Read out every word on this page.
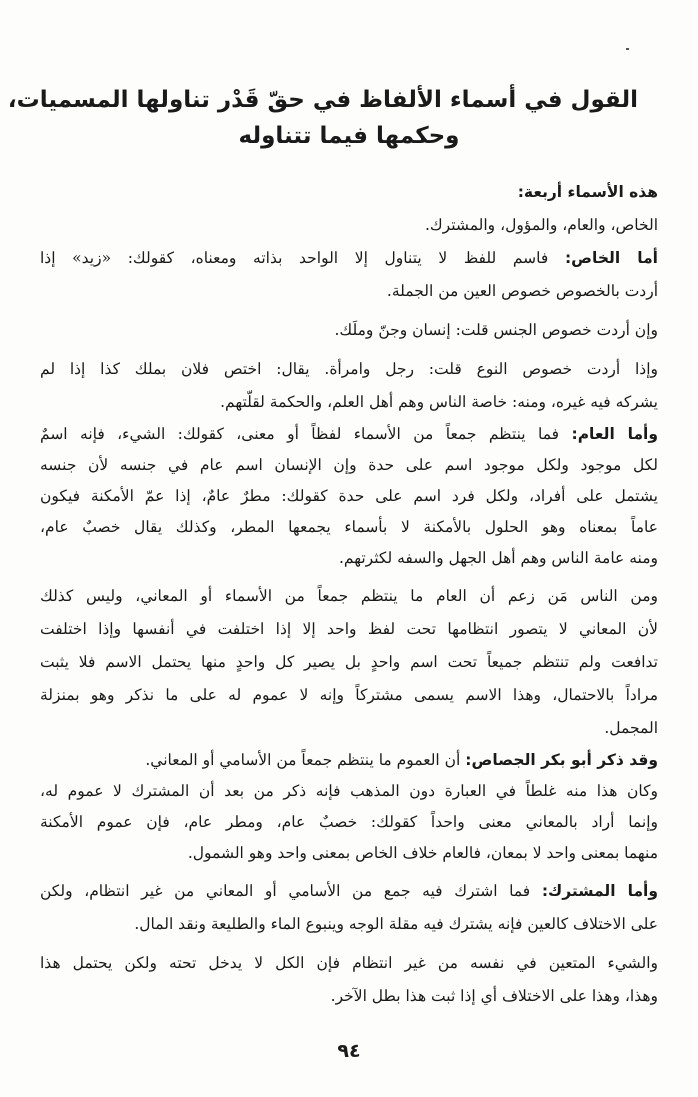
القول في أسماء الألفاظ في حقّ قَدْر تناولها المسميات،
وحكمها فيما تتناوله
هذه الأسماء أربعة:
الخاص، والعام، والمؤول، والمشترك.
أما الخاص: فاسم للفظ لا يتناول إلا الواحد بذاته ومعناه، كقولك: «زيد» إذا
أردت بالخصوص خصوص العين من الجملة.
وإن أردت خصوص الجنس قلت: إنسان وجنّ وملَك.
وإذا أردت خصوص النوع قلت: رجل وامرأة. يقال: اختص فلان بملك كذا إذا لم
يشركه فيه غيره، ومنه: خاصة الناس وهم أهل العلم، والحكمة لقلّتهم.
وأما العام: فما ينتظم جمعاً من الأسماء لفظاً أو معنى، كقولك: الشيء، فإنه اسمٌ
لكل موجود ولكل موجود اسم على حدة وإن الإنسان اسم عام في جنسه لأن جنسه
يشتمل على أفراد، ولكل فرد اسم على حدة كقولك: مطرٌ عامٌ، إذا عمّ الأمكنة فيكون
عاماً بمعناه وهو الحلول بالأمكنة لا بأسماء يجمعها المطر، وكذلك يقال خصبٌ عام،
ومنه عامة الناس وهم أهل الجهل والسفه لكثرتهم.
ومن الناس مَن زعم أن العام ما ينتظم جمعاً من الأسماء أو المعاني، وليس كذلك
لأن المعاني لا يتصور انتظامها تحت لفظ واحد إلا إذا اختلفت في أنفسها وإذا اختلفت
تدافعت ولم تنتظم جميعاً تحت اسم واحدٍ بل يصير كل واحدٍ منها يحتمل الاسم فلا يثبت
مراداً بالاحتمال، وهذا الاسم يسمى مشتركاً وإنه لا عموم له على ما نذكر وهو بمنزلة
المجمل.
وقد ذكر أبو بكر الجصاص: أن العموم ما ينتظم جمعاً من الأسامي أو المعاني.
وكان هذا منه غلطاً في العبارة دون المذهب فإنه ذكر من بعد أن المشترك لا عموم له،
وإنما أراد بالمعاني معنى واحداً كقولك: خصبٌ عام، ومطر عام، فإن عموم الأمكنة
منهما بمعنى واحد لا بمعان، فالعام خلاف الخاص بمعنى واحد وهو الشمول.
وأما المشترك: فما اشترك فيه جمع من الأسامي أو المعاني من غير انتظام، ولكن
على الاختلاف كالعين فإنه يشترك فيه مقلة الوجه وينبوع الماء والطليعة ونقد المال.
والشيء المتعين في نفسه من غير انتظام فإن الكل لا يدخل تحته ولكن يحتمل هذا
وهذا، وهذا على الاختلاف أي إذا ثبت هذا بطل الآخر.
٩٤
